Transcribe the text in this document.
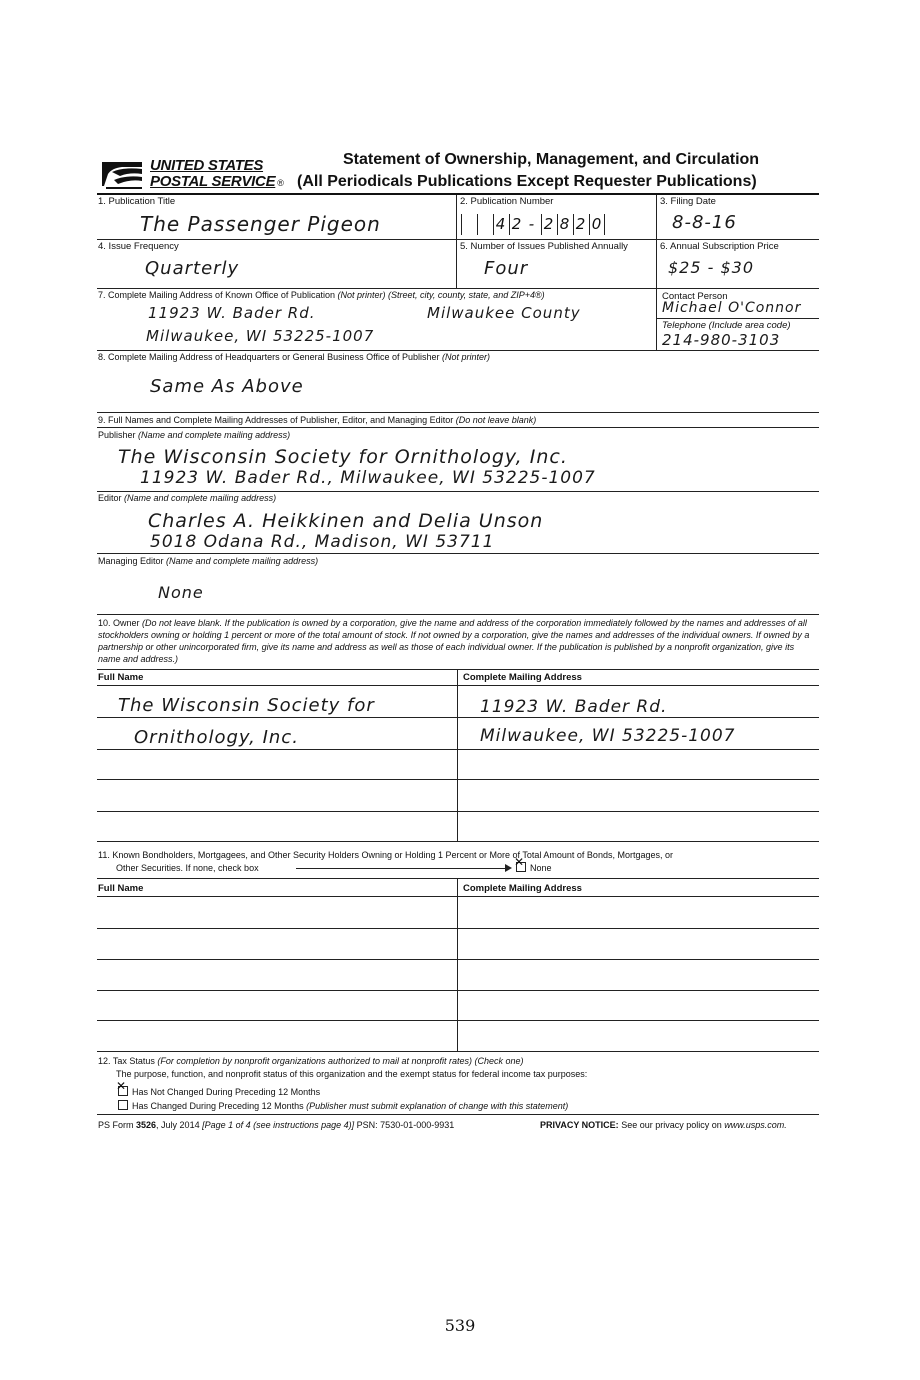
UNITED STATES
POSTAL SERVICE ®
Statement of Ownership, Management, and Circulation
(All Periodicals Publications Except Requester Publications)
1. Publication Title
The Passenger Pigeon
2. Publication Number
4 2 - 2 8 2 0
3. Filing Date
8-8-16
4. Issue Frequency
Quarterly
5. Number of Issues Published Annually
Four
6. Annual Subscription Price
$25 - $30
7. Complete Mailing Address of Known Office of Publication (Not printer) (Street, city, county, state, and ZIP+4®)
11923 W. Bader Rd.	Milwaukee County
Milwaukee, WI 53225-1007
Contact Person
Michael O'Connor
Telephone (Include area code)
214-980-3103
8. Complete Mailing Address of Headquarters or General Business Office of Publisher (Not printer)
Same As Above
9. Full Names and Complete Mailing Addresses of Publisher, Editor, and Managing Editor (Do not leave blank)
Publisher (Name and complete mailing address)
The Wisconsin Society for Ornithology, Inc.
11923 W. Bader Rd., Milwaukee, WI 53225-1007
Editor (Name and complete mailing address)
Charles A. Heikkinen and Delia Unson
5018 Odana Rd., Madison, WI 53711
Managing Editor (Name and complete mailing address)
None
10. Owner (Do not leave blank. If the publication is owned by a corporation, give the name and address of the corporation immediately followed by the names and addresses of all stockholders owning or holding 1 percent or more of the total amount of stock. If not owned by a corporation, give the names and addresses of the individual owners. If owned by a partnership or other unincorporated firm, give its name and address as well as those of each individual owner. If the publication is published by a nonprofit organization, give its name and address.)
Full Name	Complete Mailing Address
The Wisconsin Society for	11923 W. Bader Rd.
Ornithology, Inc.	Milwaukee, WI 53225-1007
11. Known Bondholders, Mortgagees, and Other Security Holders Owning or Holding 1 Percent or More of Total Amount of Bonds, Mortgages, or
Other Securities. If none, check box
✕	None
Full Name	Complete Mailing Address
12. Tax Status (For completion by nonprofit organizations authorized to mail at nonprofit rates) (Check one)
The purpose, function, and nonprofit status of this organization and the exempt status for federal income tax purposes:
✕Has Not Changed During Preceding 12 Months
Has Changed During Preceding 12 Months (Publisher must submit explanation of change with this statement)
PS Form 3526, July 2014 [Page 1 of 4 (see instructions page 4)] PSN: 7530-01-000-9931	PRIVACY NOTICE: See our privacy policy on www.usps.com.
539
